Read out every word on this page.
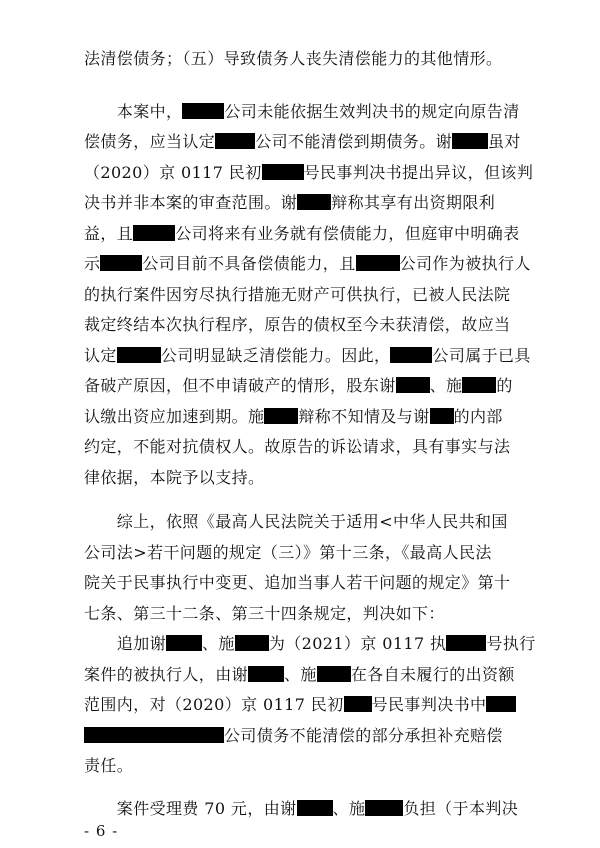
法清偿债务；（五）导致债务人丧失清偿能力的其他情形。
　　本案中，	公司未能依据生效判决书的规定向原告清
偿债务，应当认定	公司不能清偿到期债务。谢 虽对
（2020）京 0117 民初	号民事判决书提出异议，但该判
决书并非本案的审查范围。谢 辩称其享有出资期限利
益，且	公司将来有业务就有偿债能力，但庭审中明确表
示	公司目前不具备偿债能力，且	公司作为被执行人
的执行案件因穷尽执行措施无财产可供执行，已被人民法院
裁定终结本次执行程序，原告的债权至今未获清偿，故应当
认定	公司明显缺乏清偿能力。因此，	公司属于已具
备破产原因，但不申请破产的情形，股东谢 、施 的
认缴出资应加速到期。施 辩称不知情及与谢 的内部
约定，不能对抗债权人。故原告的诉讼请求，具有事实与法
律依据，本院予以支持。
　　综上，依照《最高人民法院关于适用<中华人民共和国
公司法>若干问题的规定（三）》第十三条，《最高人民法
院关于民事执行中变更、追加当事人若干问题的规定》第十
七条、第三十二条、第三十四条规定，判决如下：
　　追加谢 、施 为（2021）京 0117 执	号执行
案件的被执行人，由谢 、施 在各自未履行的出资额
范围内，对（2020）京 0117 民初 号民事判决书中
公司债务不能清偿的部分承担补充赔偿
- 6 -
责任。
　　案件受理费 70 元，由谢 、施 负担（于本判决
